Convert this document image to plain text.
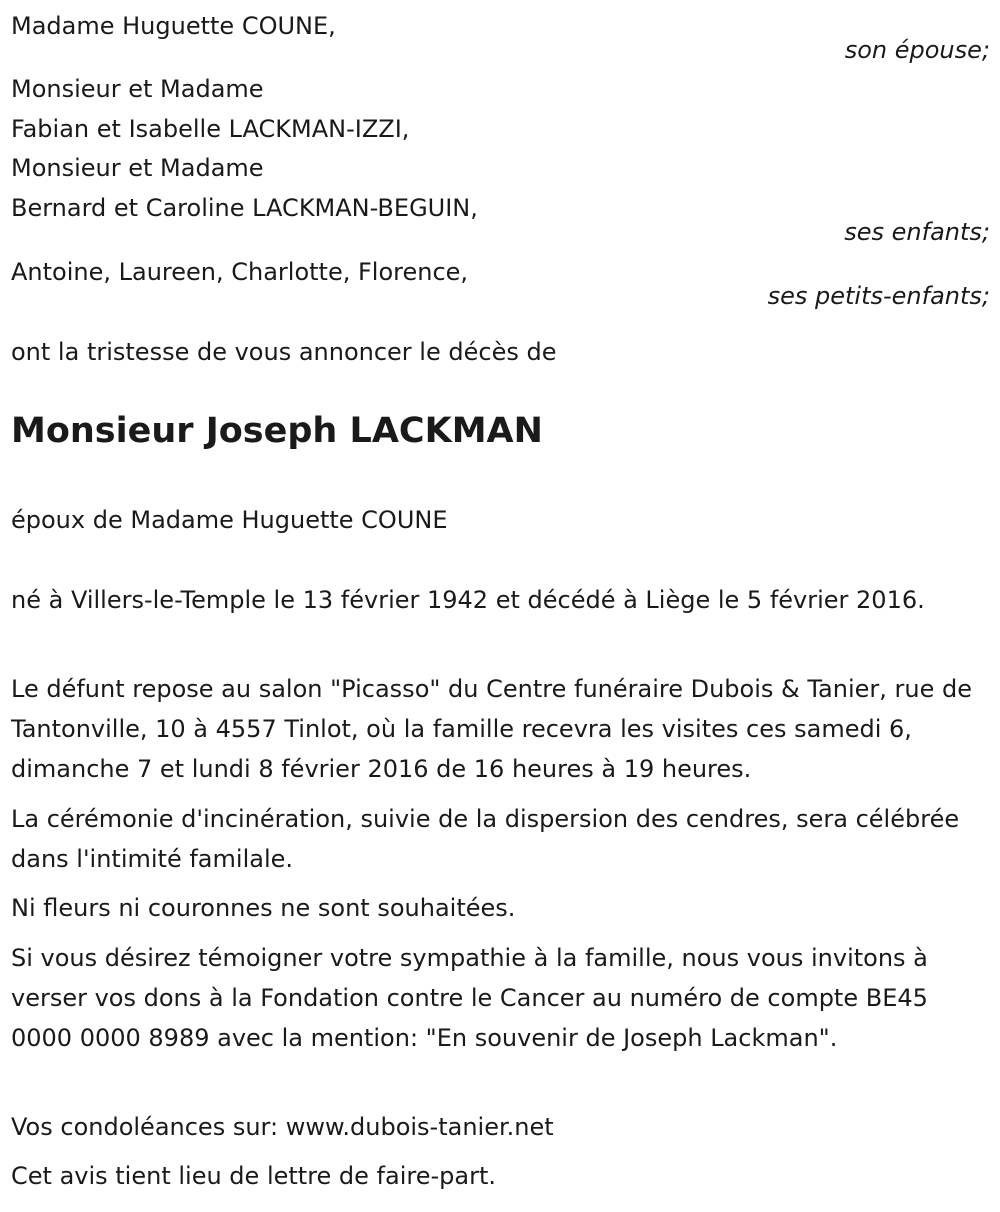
Madame Huguette COUNE,
son épouse;
Monsieur et Madame
Fabian et Isabelle LACKMAN-IZZI,
Monsieur et Madame
Bernard et Caroline LACKMAN-BEGUIN,
ses enfants;
Antoine, Laureen, Charlotte, Florence,
ses petits-enfants;
ont la tristesse de vous annoncer le décès de
Monsieur Joseph LACKMAN
époux de Madame Huguette COUNE
né à Villers-le-Temple le 13 février 1942 et décédé à Liège le 5 février 2016.
Le défunt repose au salon "Picasso" du Centre funéraire Dubois & Tanier, rue de Tantonville, 10 à 4557 Tinlot, où la famille recevra les visites ces samedi 6, dimanche 7 et lundi 8 février 2016 de 16 heures à 19 heures.
La cérémonie d'incinération, suivie de la dispersion des cendres, sera célébrée dans l'intimité familale.
Ni fleurs ni couronnes ne sont souhaitées.
Si vous désirez témoigner votre sympathie à la famille, nous vous invitons à verser vos dons à la Fondation contre le Cancer au numéro de compte BE45 0000 0000 8989 avec la mention: "En souvenir de Joseph Lackman".
Vos condoléances sur: www.dubois-tanier.net
Cet avis tient lieu de lettre de faire-part.
